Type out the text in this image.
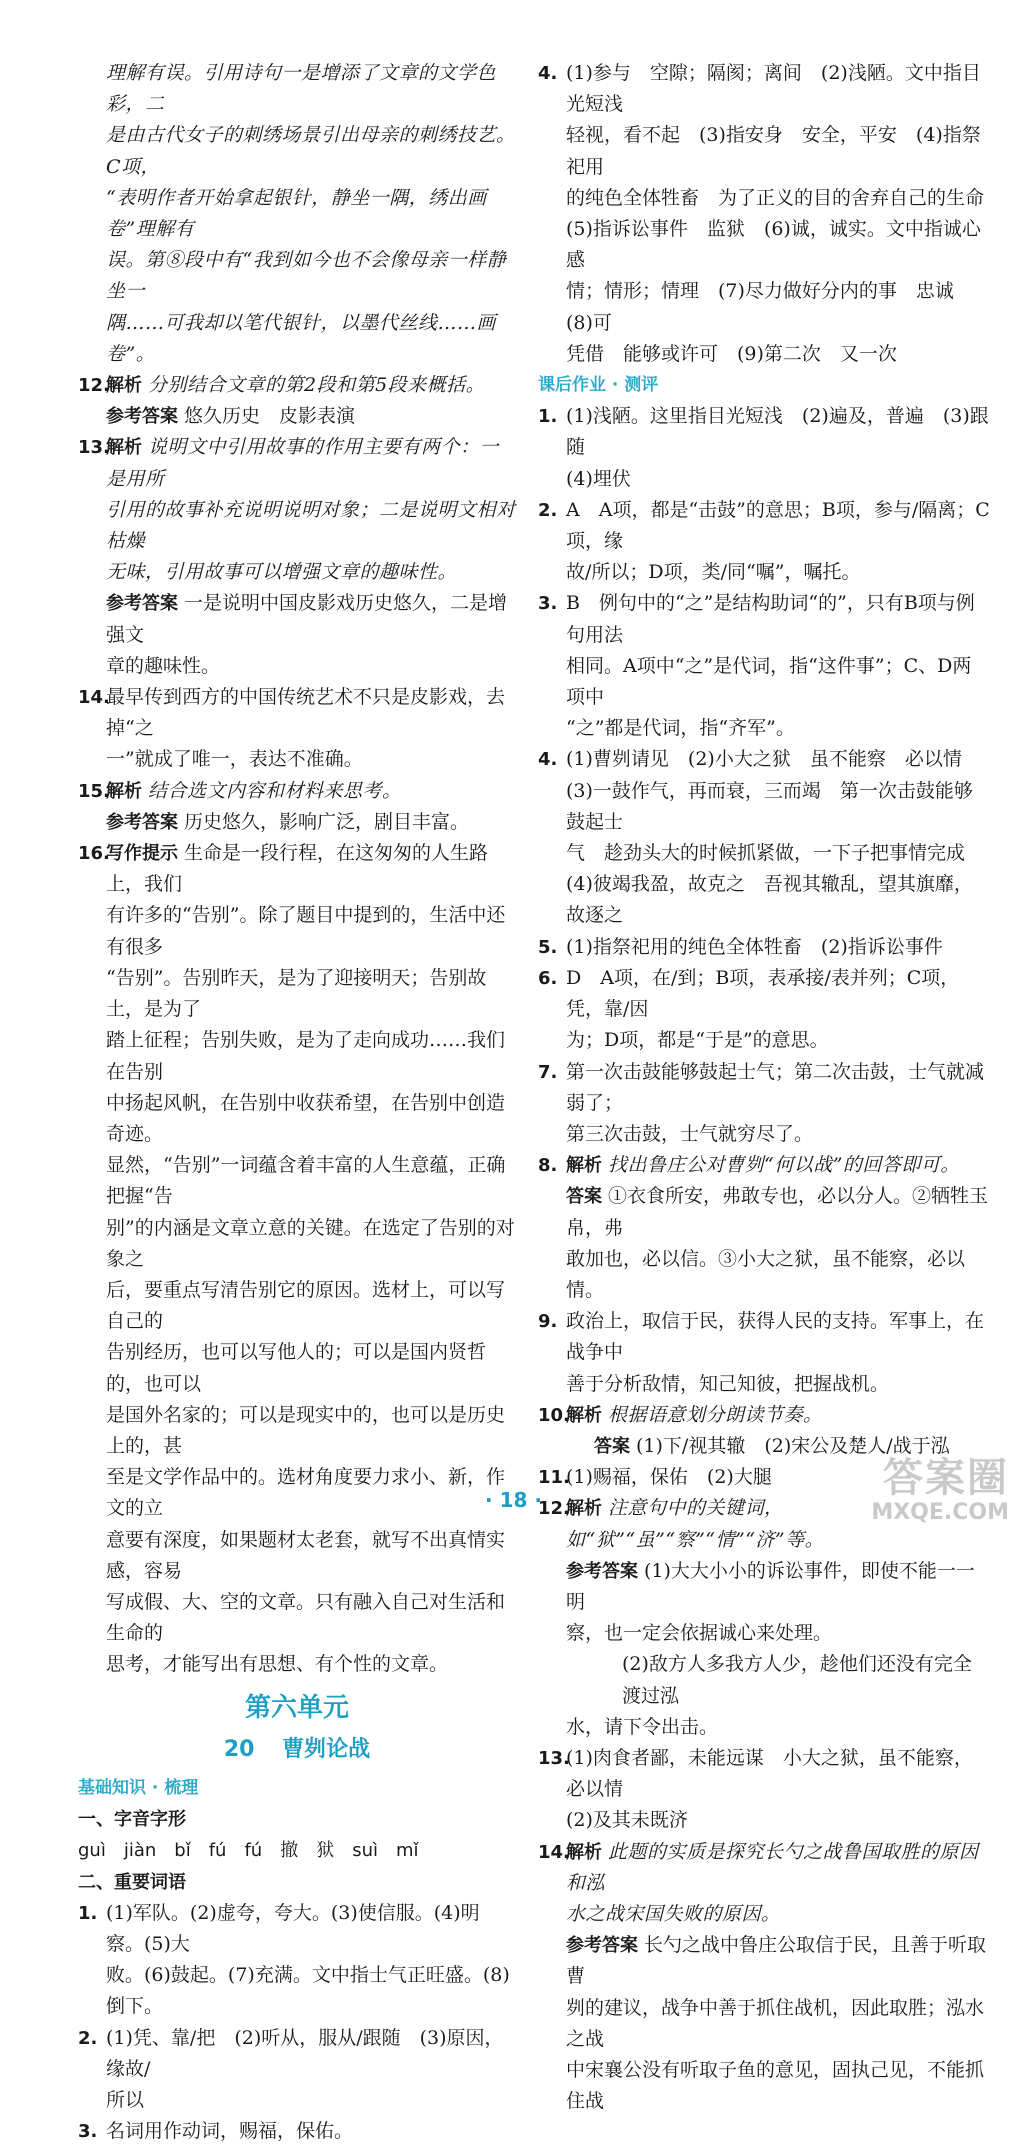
理解有误。引用诗句一是增添了文章的文学色彩，二
是由古代女子的刺绣场景引出母亲的刺绣技艺。C项，
“表明作者开始拿起银针，静坐一隅，绣出画卷”理解有
误。第⑧段中有“我到如今也不会像母亲一样静坐一
隅……可我却以笔代银针，以墨代丝线……画卷”。
12.
解析 分别结合文章的第2段和第5段来概括。
参考答案 悠久历史　皮影表演
13.
解析 说明文中引用故事的作用主要有两个：一是用所
引用的故事补充说明说明对象；二是说明文相对枯燥
无味，引用故事可以增强文章的趣味性。
参考答案 一是说明中国皮影戏历史悠久，二是增强文
章的趣味性。
14.
最早传到西方的中国传统艺术不只是皮影戏，去掉“之
一”就成了唯一，表达不准确。
15.
解析 结合选文内容和材料来思考。
参考答案 历史悠久，影响广泛，剧目丰富。
16.
写作提示 生命是一段行程，在这匆匆的人生路上，我们
有许多的“告别”。除了题目中提到的，生活中还有很多
“告别”。告别昨天，是为了迎接明天；告别故土，是为了
踏上征程；告别失败，是为了走向成功……我们在告别
中扬起风帆，在告别中收获希望，在告别中创造奇迹。
显然，“告别”一词蕴含着丰富的人生意蕴，正确把握“告
别”的内涵是文章立意的关键。在选定了告别的对象之
后，要重点写清告别它的原因。选材上，可以写自己的
告别经历，也可以写他人的；可以是国内贤哲的，也可以
是国外名家的；可以是现实中的，也可以是历史上的，甚
至是文学作品中的。选材角度要力求小、新，作文的立
意要有深度，如果题材太老套，就写不出真情实感，容易
写成假、大、空的文章。只有融入自己对生活和生命的
思考，才能写出有思想、有个性的文章。
第六单元
20 曹刿论战
基础知识 · 梳理
一、字音字形
guì　jiàn　bǐ　fú　fú　撤　狱　suì　mǐ
二、重要词语
1. (1)军队。(2)虚夸，夸大。(3)使信服。(4)明察。(5)大
败。(6)鼓起。(7)充满。文中指士气正旺盛。(8)倒下。
2. (1)凭、靠/把　(2)听从，服从/跟随　(3)原因，缘故/
所以
3. 名词用作动词，赐福，保佑。
4. (1)参与　空隙；隔阂；离间　(2)浅陋。文中指目光短浅
轻视，看不起　(3)指安身　安全，平安　(4)指祭祀用
的纯色全体牲畜　为了正义的目的舍弃自己的生命
(5)指诉讼事件　监狱　(6)诚，诚实。文中指诚心　感
情；情形；情理　(7)尽力做好分内的事　忠诚　(8)可
凭借　能够或许可　(9)第二次　又一次
课后作业 · 测评
1. (1)浅陋。这里指目光短浅　(2)遍及，普遍　(3)跟随
(4)埋伏
2. A　A项，都是“击鼓”的意思；B项，参与/隔离；C项，缘
故/所以；D项，类/同“嘱”，嘱托。
3. B　例句中的“之”是结构助词“的”，只有B项与例句用法
相同。A项中“之”是代词，指“这件事”；C、D两项中
“之”都是代词，指“齐军”。
4. (1)曹刿请见　(2)小大之狱　虽不能察　必以情
(3)一鼓作气，再而衰，三而竭　第一次击鼓能够鼓起士
气　趁劲头大的时候抓紧做，一下子把事情完成
(4)彼竭我盈，故克之　吾视其辙乱，望其旗靡，故逐之
5. (1)指祭祀用的纯色全体牲畜　(2)指诉讼事件
6. D　A项，在/到；B项，表承接/表并列；C项，凭，靠/因
为；D项，都是“于是”的意思。
7. 第一次击鼓能够鼓起士气；第二次击鼓，士气就减弱了；
第三次击鼓，士气就穷尽了。
8. 解析 找出鲁庄公对曹刿“何以战”的回答即可。
答案 ①衣食所安，弗敢专也，必以分人。②牺牲玉帛，弗
敢加也，必以信。③小大之狱，虽不能察，必以情。
9. 政治上，取信于民，获得人民的支持。军事上，在战争中
善于分析敌情，知己知彼，把握战机。
10.
解析 根据语意划分朗读节奏。
答案 (1)下/视其辙　(2)宋公及楚人/战于泓
11.
(1)赐福，保佑　(2)大腿
12.
解析 注意句中的关键词，如“狱”“虽”“察”“情”“济”等。
参考答案 (1)大大小小的诉讼事件，即使不能一一明
察，也一定会依据诚心来处理。
(2)敌方人多我方人少，趁他们还没有完全渡过泓
水，请下令出击。
13.
(1)肉食者鄙，未能远谋　小大之狱，虽不能察，必以情
(2)及其未既济
14.
解析 此题的实质是探究长勺之战鲁国取胜的原因和泓
水之战宋国失败的原因。
参考答案 长勺之战中鲁庄公取信于民，且善于听取曹
刿的建议，战争中善于抓住战机，因此取胜；泓水之战
中宋襄公没有听取子鱼的意见，固执己见，不能抓住战
· 18 ·	答案圈
MXQE.COM
